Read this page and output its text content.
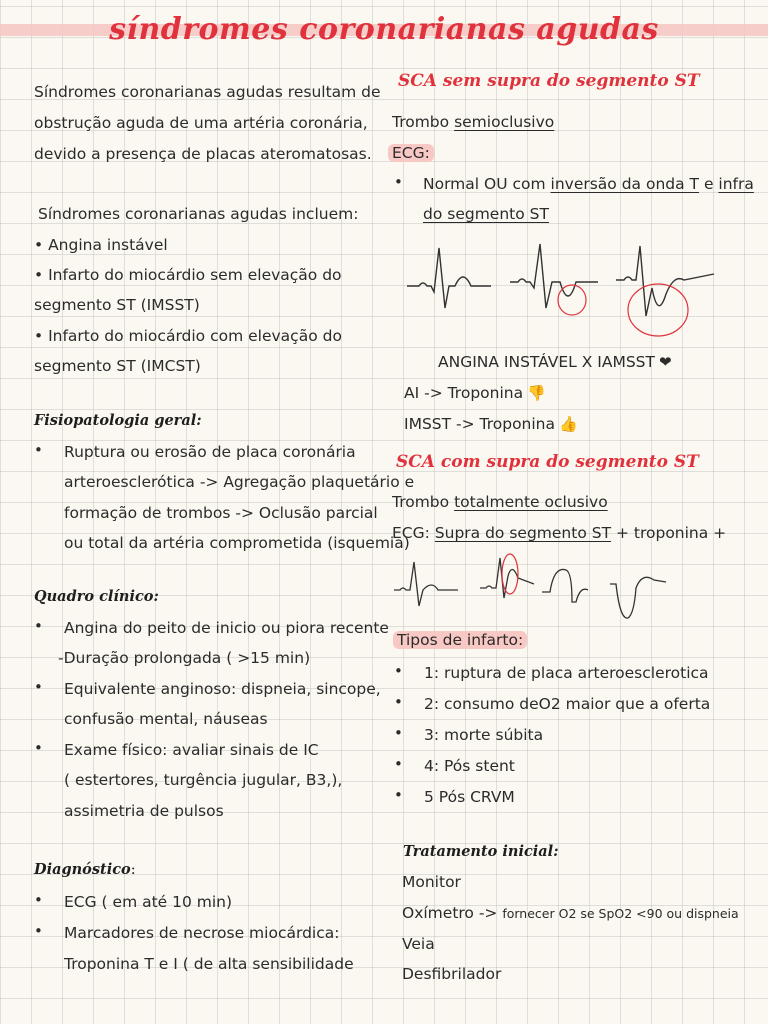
síndromes coronarianas agudas
Síndromes coronarianas agudas resultam de
obstrução aguda de uma artéria coronária,
devido a presença de placas ateromatosas.
Síndromes coronarianas agudas incluem:
• Angina instável
• Infarto do miocárdio sem elevação do
segmento ST (IMSST)
• Infarto do miocárdio com elevação do
segmento ST (IMCST)
Fisiopatologia geral:
• Ruptura ou erosão de placa coronária
arteroesclerótica -> Agregação plaquetário e
formação de trombos -> Oclusão parcial
ou total da artéria comprometida (isquemia)
Quadro clínico:
• Angina do peito de inicio ou piora recente
-Duração prolongada ( >15 min)
• Equivalente anginoso: dispneia, sincope,
confusão mental, náuseas
• Exame físico: avaliar sinais de IC
( estertores, turgência jugular, B3,),
assimetria de pulsos
Diagnóstico:
• ECG ( em até 10 min)
• Marcadores de necrose miocárdica:
Troponina T e I ( de alta sensibilidade
SCA sem supra do segmento ST
Trombo semioclusivo
ECG:
• Normal OU com inversão da onda T e infra
do segmento ST
ANGINA INSTÁVEL X IAMSST ❤
AI -> Troponina 👎
IMSST -> Troponina 👍
SCA com supra do segmento ST
Trombo totalmente oclusivo
ECG: Supra do segmento ST + troponina +
Tipos de infarto:
• 1: ruptura de placa arteroesclerotica
• 2: consumo deO2 maior que a oferta
• 3: morte súbita
• 4: Pós stent
• 5 Pós CRVM
Tratamento inicial:
Monitor
Oxímetro -> fornecer O2 se SpO2 <90 ou dispneia
Veia
Desfibrilador
